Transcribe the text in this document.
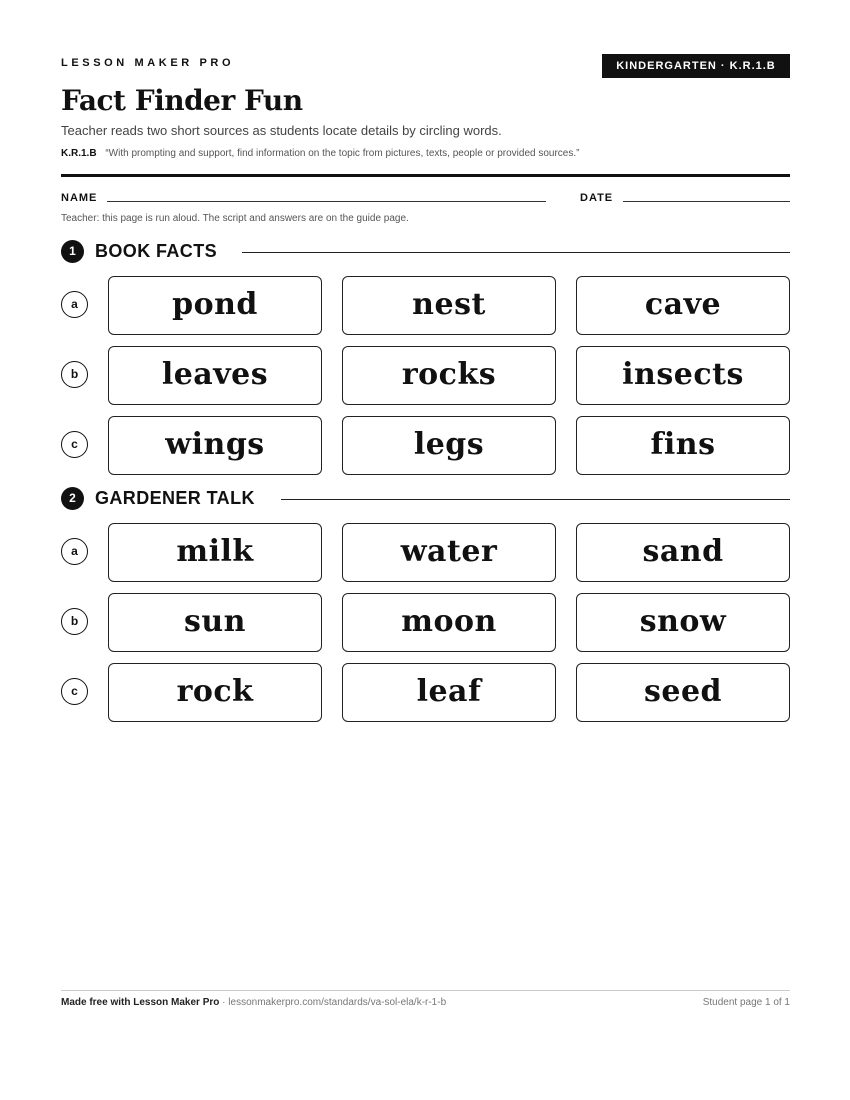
LESSON MAKER PRO	KINDERGARTEN · K.R.1.B
Fact Finder Fun
Teacher reads two short sources as students locate details by circling words.
K.R.1.B “With prompting and support, find information on the topic from pictures, texts, people or provided sources.”
NAME	DATE
Teacher: this page is run aloud. The script and answers are on the guide page.
1	BOOK FACTS
a	pond	nest	cave
b	leaves	rocks	insects
c	wings	legs	fins
2	GARDENER TALK
a	milk	water	sand
b	sun	moon	snow
c	rock	leaf	seed
Made free with Lesson Maker Pro · lessonmakerpro.com/standards/va-sol-ela/k-r-1-b	Student page 1 of 1
